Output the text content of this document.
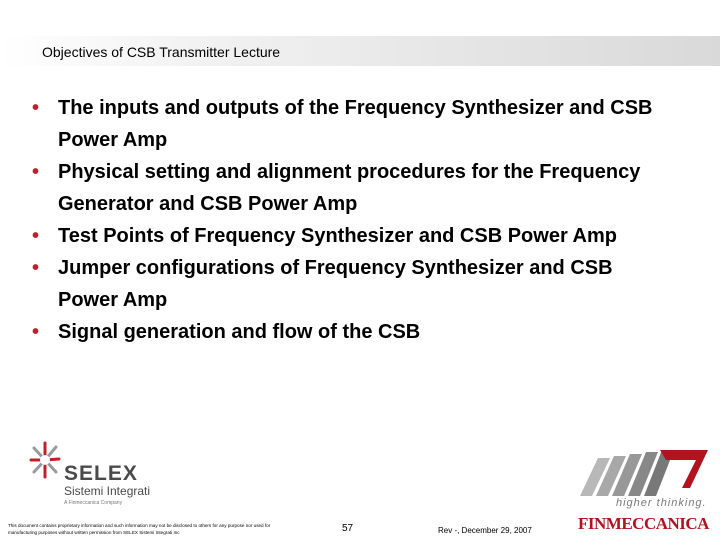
Objectives of CSB Transmitter Lecture
• The inputs and outputs of the Frequency Synthesizer and CSB Power Amp
• Physical setting and alignment procedures for the Frequency Generator and CSB Power Amp
• Test Points of Frequency Synthesizer and CSB Power Amp
• Jumper configurations of Frequency Synthesizer and CSB Power Amp
• Signal generation and flow of the CSB
SELEX
Sistemi Integrati
A Finmeccanica Company
This document contains proprietary information and such information may not be disclosed to others for any purpose nor used for manufacturing purposes without written permission from SELEX Sistemi Integrati Inc	57	Rev -, December 29, 2007
higher thinking.
FINMECCANICA
